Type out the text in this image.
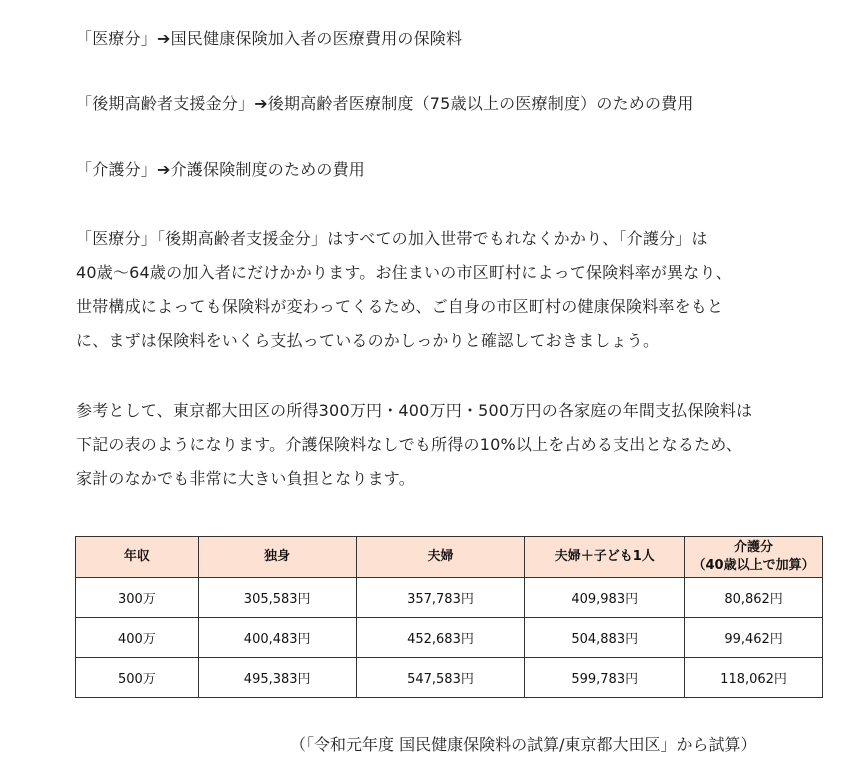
「医療分」➔国民健康保険加入者の医療費用の保険料

「後期高齢者支援金分」➔後期高齢者医療制度（75歳以上の医療制度）のための費用

「介護分」➔介護保険制度のための費用

「医療分」「後期高齢者支援金分」はすべての加入世帯でもれなくかかり、「介護分」は
40歳～64歳の加入者にだけかかります。お住まいの市区町村によって保険料率が異なり、
世帯構成によっても保険料が変わってくるため、ご自身の市区町村の健康保険料率をもと
に、まずは保険料をいくら支払っているのかしっかりと確認しておきましょう。
参考として、東京都大田区の所得300万円・400万円・500万円の各家庭の年間支払保険料は
下記の表のようになります。介護保険料なしでも所得の10%以上を占める支出となるため、
家計のなかでも非常に大きい負担となります。
年収	独身	夫婦	夫婦＋子ども1人	介護分
（40歳以上で加算）

300万	305,583円	357,783円	409,983円	80,862円
400万	400,483円	452,683円	504,883円	99,462円
500万	495,383円	547,583円	599,783円	118,062円
（「令和元年度 国民健康保険料の試算/東京都大田区」から試算）
